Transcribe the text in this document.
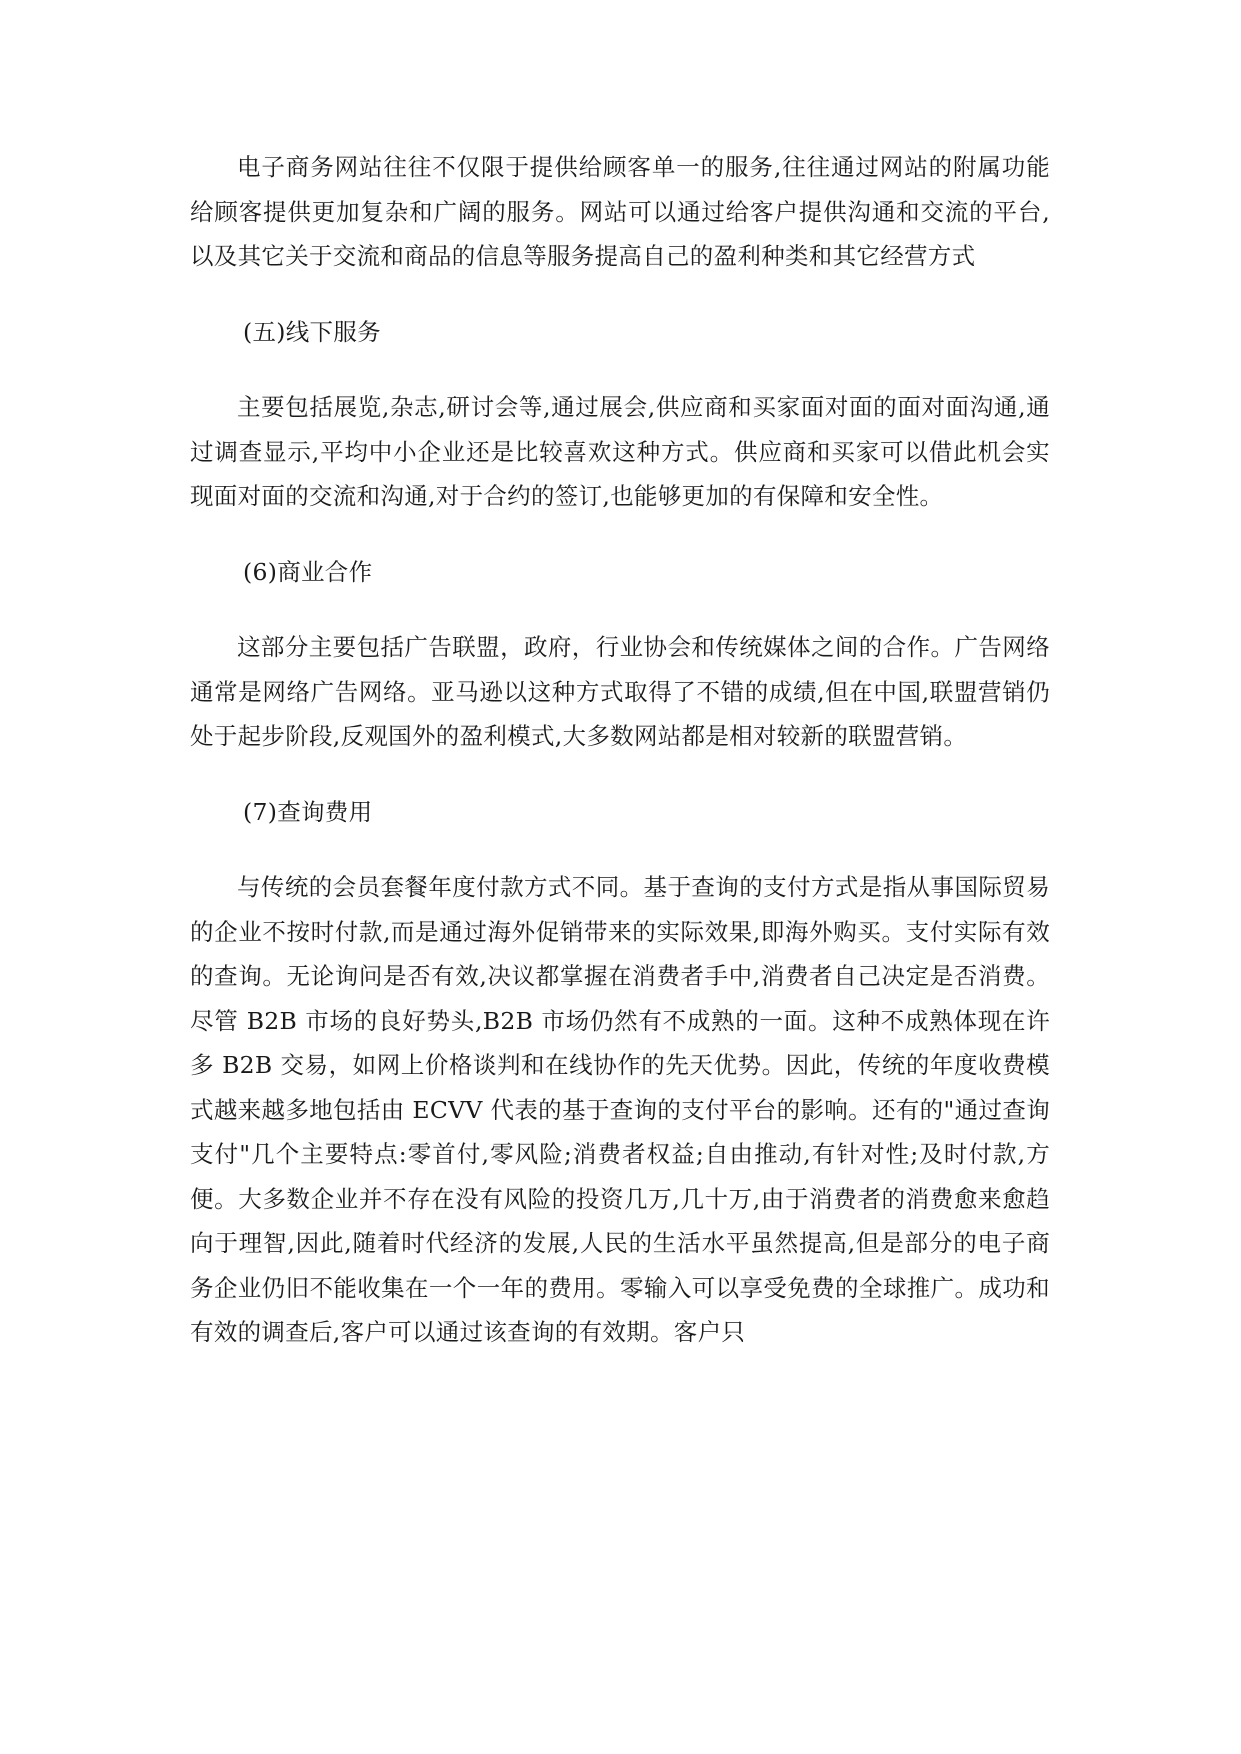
电子商务网站往往不仅限于提供给顾客单一的服务,往往通过网站的附属功能给顾客提供更加复杂和广阔的服务。网站可以通过给客户提供沟通和交流的平台,以及其它关于交流和商品的信息等服务提高自己的盈利种类和其它经营方式

(五)线下服务

主要包括展览,杂志,研讨会等,通过展会,供应商和买家面对面的面对面沟通,通过调查显示,平均中小企业还是比较喜欢这种方式。供应商和买家可以借此机会实现面对面的交流和沟通,对于合约的签订,也能够更加的有保障和安全性。

(6)商业合作

这部分主要包括广告联盟，政府，行业协会和传统媒体之间的合作。广告网络通常是网络广告网络。亚马逊以这种方式取得了不错的成绩,但在中国,联盟营销仍处于起步阶段,反观国外的盈利模式,大多数网站都是相对较新的联盟营销。

(7)查询费用

与传统的会员套餐年度付款方式不同。基于查询的支付方式是指从事国际贸易的企业不按时付款,而是通过海外促销带来的实际效果,即海外购买。支付实际有效的查询。无论询问是否有效,决议都掌握在消费者手中,消费者自己决定是否消费。尽管 B2B 市场的良好势头,B2B 市场仍然有不成熟的一面。这种不成熟体现在许多 B2B 交易，如网上价格谈判和在线协作的先天优势。因此，传统的年度收费模式越来越多地包括由 ECVV 代表的基于查询的支付平台的影响。还有的"通过查询支付"几个主要特点:零首付,零风险;消费者权益;自由推动,有针对性;及时付款,方便。大多数企业并不存在没有风险的投资几万,几十万,由于消费者的消费愈来愈趋向于理智,因此,随着时代经济的发展,人民的生活水平虽然提高,但是部分的电子商务企业仍旧不能收集在一个一年的费用。零输入可以享受免费的全球推广。成功和有效的调查后,客户可以通过该查询的有效期。客户只
